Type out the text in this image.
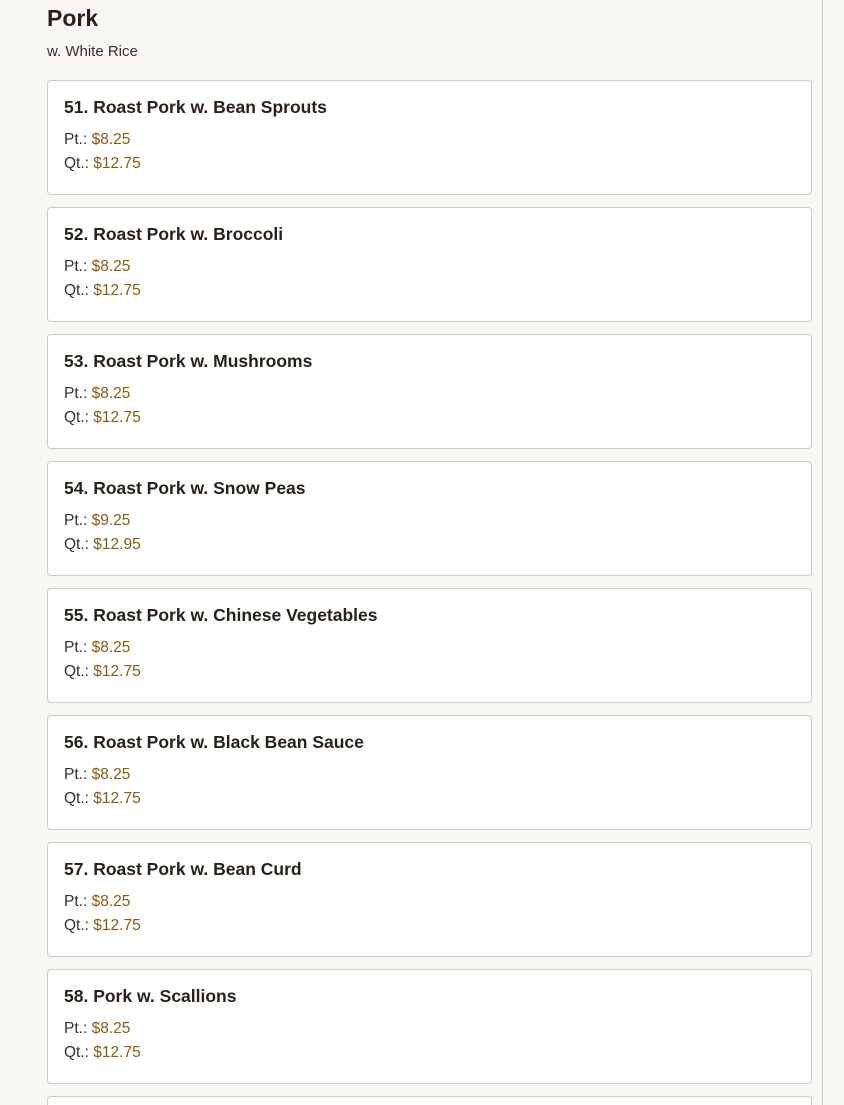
Pork
w. White Rice
51. Roast Pork w. Bean Sprouts
Pt.: $8.25
Qt.: $12.75
52. Roast Pork w. Broccoli
Pt.: $8.25
Qt.: $12.75
53. Roast Pork w. Mushrooms
Pt.: $8.25
Qt.: $12.75
54. Roast Pork w. Snow Peas
Pt.: $9.25
Qt.: $12.95
55. Roast Pork w. Chinese Vegetables
Pt.: $8.25
Qt.: $12.75
56. Roast Pork w. Black Bean Sauce
Pt.: $8.25
Qt.: $12.75
57. Roast Pork w. Bean Curd
Pt.: $8.25
Qt.: $12.75
58. Pork w. Scallions
Pt.: $8.25
Qt.: $12.75
